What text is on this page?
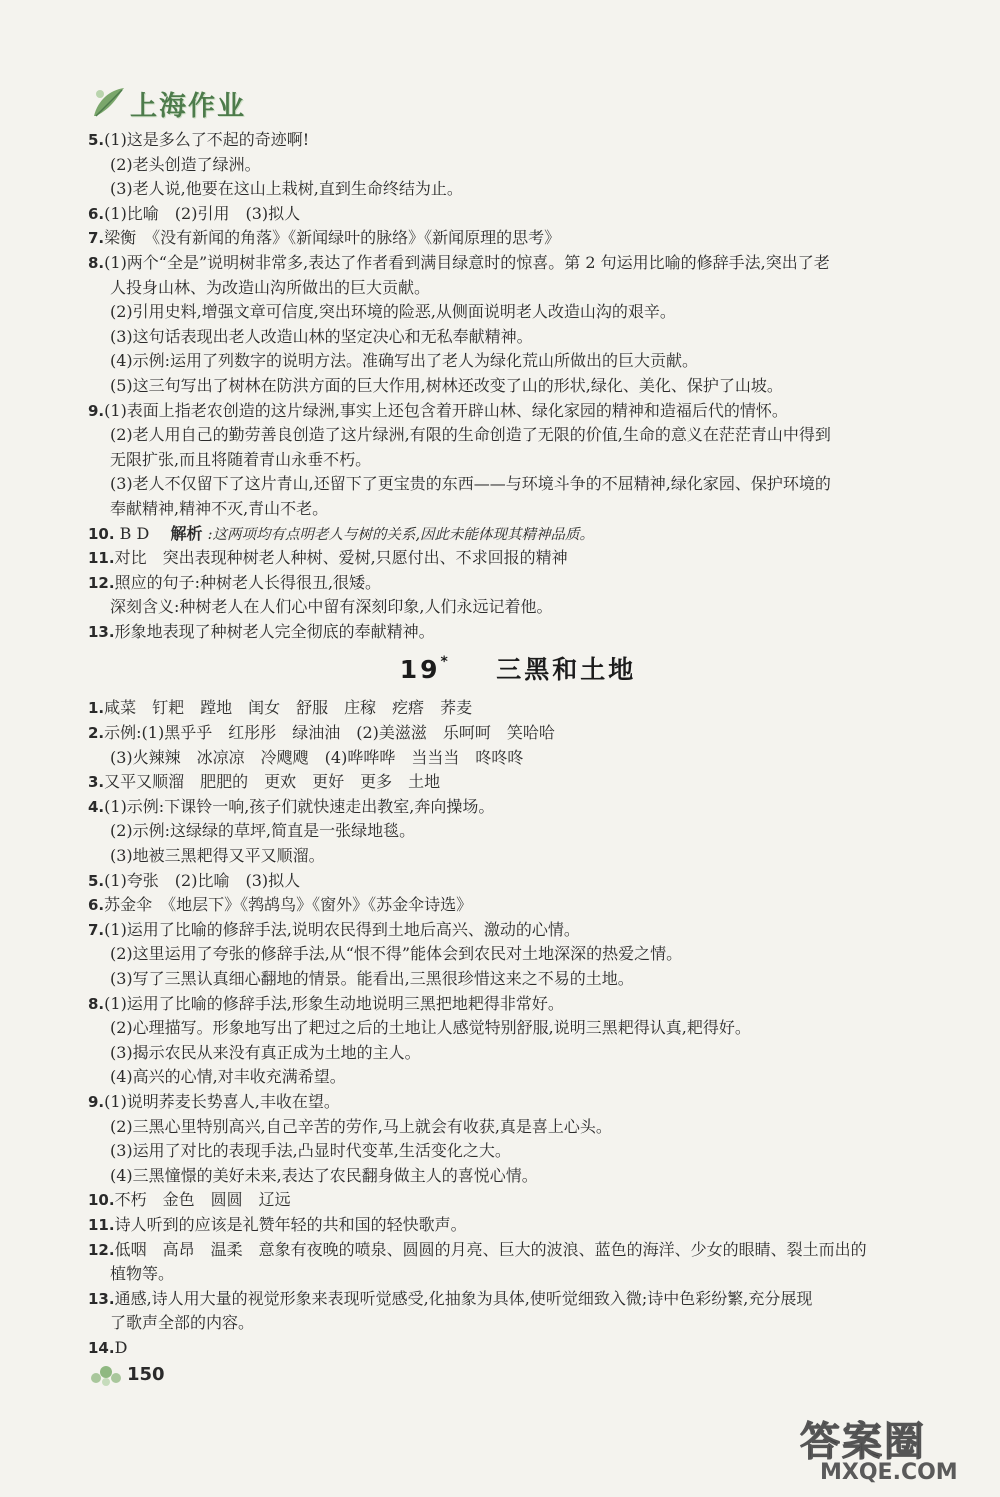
上海作业
5.(1)这是多么了不起的奇迹啊!
(2)老头创造了绿洲。
(3)老人说,他要在这山上栽树,直到生命终结为止。
6.(1)比喻　(2)引用　(3)拟人
7.梁衡　《没有新闻的角落》《新闻绿叶的脉络》《新闻原理的思考》
8.(1)两个“全是”说明树非常多,表达了作者看到满目绿意时的惊喜。第 2 句运用比喻的修辞手法,突出了老
人投身山林、为改造山沟所做出的巨大贡献。
(2)引用史料,增强文章可信度,突出环境的险恶,从侧面说明老人改造山沟的艰辛。
(3)这句话表现出老人改造山林的坚定决心和无私奉献精神。
(4)示例:运用了列数字的说明方法。准确写出了老人为绿化荒山所做出的巨大贡献。
(5)这三句写出了树林在防洪方面的巨大作用,树林还改变了山的形状,绿化、美化、保护了山坡。
9.(1)表面上指老农创造的这片绿洲,事实上还包含着开辟山林、绿化家园的精神和造福后代的情怀。
(2)老人用自己的勤劳善良创造了这片绿洲,有限的生命创造了无限的价值,生命的意义在茫茫青山中得到
无限扩张,而且将随着青山永垂不朽。
(3)老人不仅留下了这片青山,还留下了更宝贵的东西——与环境斗争的不屈精神,绿化家园、保护环境的
奉献精神,精神不灭,青山不老。
10. B D　 解析 :这两项均有点明老人与树的关系,因此未能体现其精神品质。
11.对比　突出表现种树老人种树、爱树,只愿付出、不求回报的精神
12.照应的句子:种树老人长得很丑,很矮。
深刻含义:种树老人在人们心中留有深刻印象,人们永远记着他。
13.形象地表现了种树老人完全彻底的奉献精神。
19* 三黑和土地
1.咸菜　钉耙　蹚地　闺女　舒服　庄稼　疙瘩　荞麦
2.示例:(1)黑乎乎　红彤彤　绿油油　(2)美滋滋　乐呵呵　笑哈哈
(3)火辣辣　冰凉凉　冷飕飕　(4)哗哗哗　当当当　咚咚咚
3.又平又顺溜　肥肥的　更欢　更好　更多　土地
4.(1)示例:下课铃一响,孩子们就快速走出教室,奔向操场。
(2)示例:这绿绿的草坪,简直是一张绿地毯。
(3)地被三黑耙得又平又顺溜。
5.(1)夸张　(2)比喻　(3)拟人
6.苏金伞　《地层下》《鹁鸪鸟》《窗外》《苏金伞诗选》
7.(1)运用了比喻的修辞手法,说明农民得到土地后高兴、激动的心情。
(2)这里运用了夸张的修辞手法,从“恨不得”能体会到农民对土地深深的热爱之情。
(3)写了三黑认真细心翻地的情景。能看出,三黑很珍惜这来之不易的土地。
8.(1)运用了比喻的修辞手法,形象生动地说明三黑把地耙得非常好。
(2)心理描写。形象地写出了耙过之后的土地让人感觉特别舒服,说明三黑耙得认真,耙得好。
(3)揭示农民从来没有真正成为土地的主人。
(4)高兴的心情,对丰收充满希望。
9.(1)说明荞麦长势喜人,丰收在望。
(2)三黑心里特别高兴,自己辛苦的劳作,马上就会有收获,真是喜上心头。
(3)运用了对比的表现手法,凸显时代变革,生活变化之大。
(4)三黑憧憬的美好未来,表达了农民翻身做主人的喜悦心情。
10.不朽　金色　圆圆　辽远
11.诗人听到的应该是礼赞年轻的共和国的轻快歌声。
12.低咽　高昂　温柔　意象有夜晚的喷泉、圆圆的月亮、巨大的波浪、蓝色的海洋、少女的眼睛、裂土而出的
植物等。
13.通感,诗人用大量的视觉形象来表现听觉感受,化抽象为具体,使听觉细致入微;诗中色彩纷繁,充分展现
了歌声全部的内容。
14.D
150
答案圈
MXQE.COM
